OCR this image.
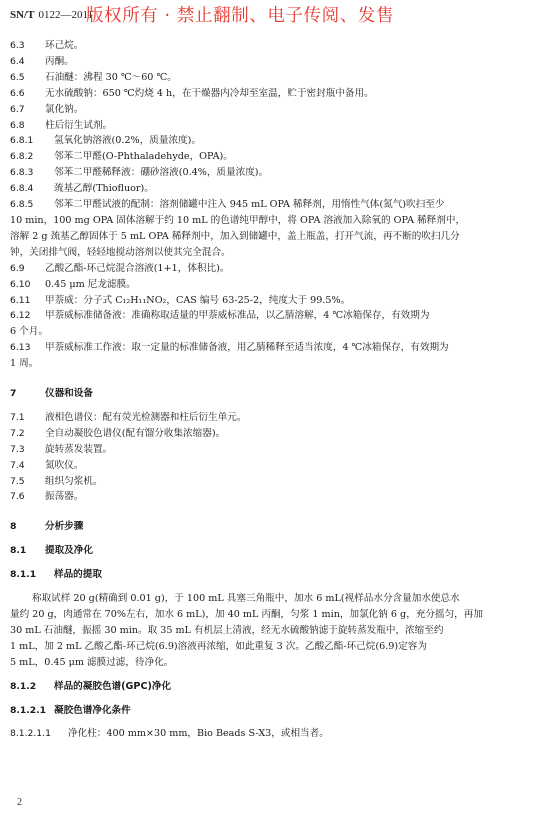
SN/T 0122—2011
版权所有 · 禁止翻制、电子传阅、发售
6.3 环己烷。
6.4 丙酮。
6.5 石油醚：沸程 30 ℃～60 ℃。
6.6 无水硫酸钠：650 ℃灼烧 4 h，在干燥器内冷却至室温，贮于密封瓶中备用。
6.7 氯化钠。
6.8 柱后衍生试剂。
6.8.1 氢氧化钠溶液(0.2%，质量浓度)。
6.8.2 邻苯二甲醛(O-Phthaladehyde，OPA)。
6.8.3 邻苯二甲醛稀释液：硼砂溶液(0.4%，质量浓度)。
6.8.4 巯基乙醇(Thiofluor)。
6.8.5 邻苯二甲醛试液的配制：溶剂储罐中注入 945 mL OPA 稀释剂，用惰性气体(氮气)吹扫至少
10 min，100 mg OPA 固体溶解于约 10 mL 的色谱纯甲醇中，将 OPA 溶液加入除氧的 OPA 稀释剂中，
溶解 2 g 巯基乙醇固体于 5 mL OPA 稀释剂中，加入到储罐中，盖上瓶盖，打开气流，再不断的吹扫几分
钟，关闭排气阀，轻轻地搅动溶剂以使其完全混合。
6.9 乙酸乙酯-环己烷混合溶液(1+1，体积比)。
6.10 0.45 μm 尼龙滤膜。
6.11 甲萘威：分子式 C₁₂H₁₁NO₂，CAS 编号 63-25-2，纯度大于 99.5%。
6.12 甲萘威标准储备液：准确称取适量的甲萘威标准品，以乙腈溶解，4 ℃冰箱保存，有效期为
6 个月。
6.13 甲萘威标准工作液：取一定量的标准储备液，用乙腈稀释至适当浓度，4 ℃冰箱保存，有效期为
1 周。
7	仪器和设备
7.1 液相色谱仪：配有荧光检测器和柱后衍生单元。
7.2 全自动凝胶色谱仪(配有馏分收集浓缩器)。
7.3 旋转蒸发装置。
7.4 氮吹仪。
7.5 组织匀浆机。
7.6 振荡器。
8	分析步骤
8.1 提取及净化
8.1.1 样品的提取
称取试样 20 g(精确到 0.01 g)，于 100 mL 具塞三角瓶中，加水 6 mL(视样品水分含量加水使总水
量约 20 g，肉通常在 70%左右，加水 6 mL)，加 40 mL 丙酮，匀浆 1 min，加氯化钠 6 g，充分摇匀，再加
30 mL 石油醚，振摇 30 min。取 35 mL 有机层上清液，经无水硫酸钠滤于旋转蒸发瓶中，浓缩至约
1 mL，加 2 mL 乙酸乙酯-环己烷(6.9)溶液再浓缩，如此重复 3 次。乙酸乙酯-环己烷(6.9)定容为
5 mL，0.45 μm 滤膜过滤，待净化。
8.1.2 样品的凝胶色谱(GPC)净化
8.1.2.1 凝胶色谱净化条件
8.1.2.1.1 净化柱：400 mm×30 mm，Bio Beads S-X3，或相当者。
2
